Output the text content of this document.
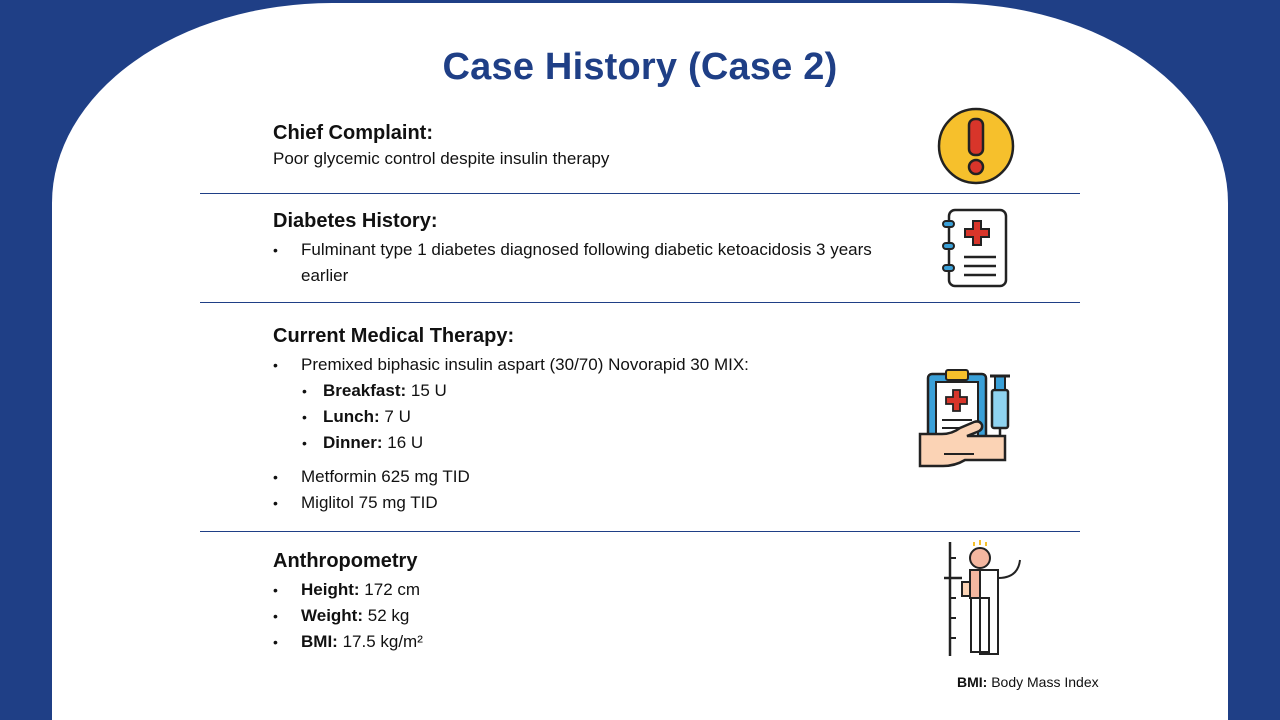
Case History (Case 2)
Chief Complaint:

Poor glycemic control despite insulin therapy

Diabetes History:
• Fulminant type 1 diabetes diagnosed following diabetic ketoacidosis 3 years earlier
Current Medical Therapy:
• Premixed biphasic insulin aspart (30/70) Novorapid 30 MIX:
• Breakfast: 15 U
• Lunch: 7 U
• Dinner: 16 U
• Metformin 625 mg TID
• Miglitol 75 mg TID
Anthropometry
• Height: 172 cm
• Weight: 52 kg
• BMI: 17.5 kg/m²
BMI: Body Mass Index
